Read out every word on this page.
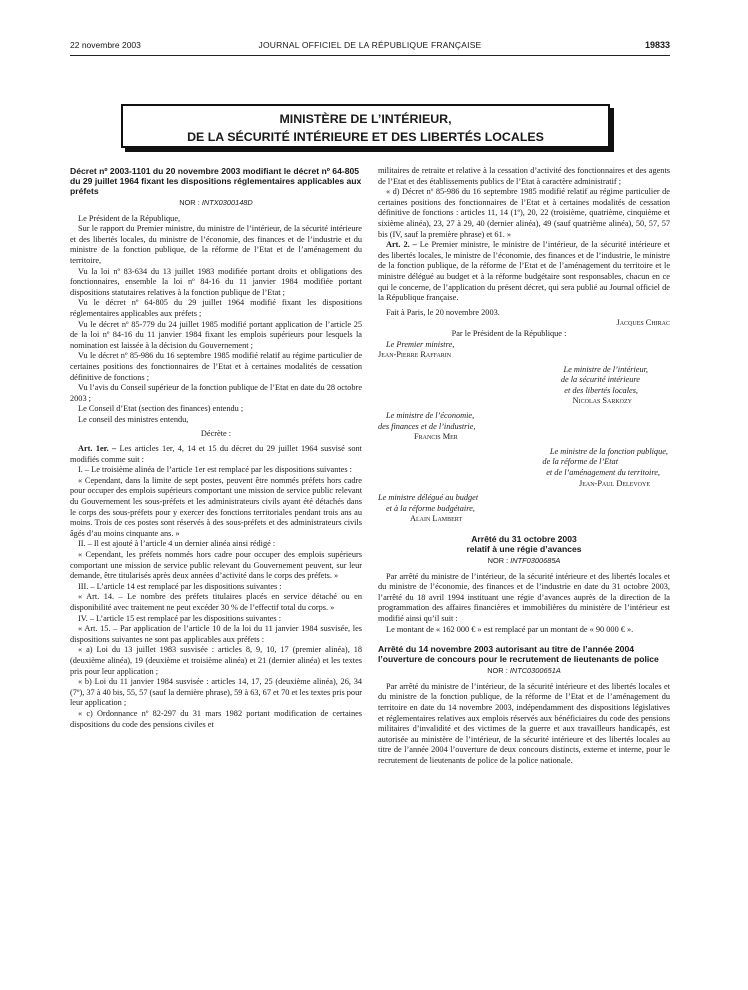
22 novembre 2003	JOURNAL OFFICIEL DE LA RÉPUBLIQUE FRANÇAISE	19833
MINISTÈRE DE L’INTÉRIEUR,
DE LA SÉCURITÉ INTÉRIEURE ET DES LIBERTÉS LOCALES
Décret nº 2003-1101 du 20 novembre 2003 modifiant le décret nº 64-805 du 29 juillet 1964 fixant les dispositions réglementaires applicables aux préfets
NOR : INTX0300148D

Le Président de la République,

Sur le rapport du Premier ministre, du ministre de l’intérieur, de la sécurité intérieure et des libertés locales, du ministre de l’économie, des finances et de l’industrie et du ministre de la fonction publique, de la réforme de l’Etat et de l’aménagement du territoire,

Vu la loi nº 83-634 du 13 juillet 1983 modifiée portant droits et obligations des fonctionnaires, ensemble la loi nº 84-16 du 11 janvier 1984 modifiée portant dispositions statutaires relatives à la fonction publique de l’Etat ;

Vu le décret nº 64-805 du 29 juillet 1964 modifié fixant les dispositions réglementaires applicables aux préfets ;

Vu le décret nº 85-779 du 24 juillet 1985 modifié portant application de l’article 25 de la loi nº 84-16 du 11 janvier 1984 fixant les emplois supérieurs pour lesquels la nomination est laissée à la décision du Gouvernement ;

Vu le décret nº 85-986 du 16 septembre 1985 modifié relatif au régime particulier de certaines positions des fonctionnaires de l’Etat et à certaines modalités de cessation définitive de fonctions ;

Vu l’avis du Conseil supérieur de la fonction publique de l’Etat en date du 28 octobre 2003 ;

Le Conseil d’Etat (section des finances) entendu ;

Le conseil des ministres entendu,

Décrète :

Art. 1er. – Les articles 1er, 4, 14 et 15 du décret du 29 juillet 1964 susvisé sont modifiés comme suit :

I. – Le troisième alinéa de l’article 1er est remplacé par les dispositions suivantes :

« Cependant, dans la limite de sept postes, peuvent être nommés préfets hors cadre pour occuper des emplois supérieurs comportant une mission de service public relevant du Gouvernement les sous-préfets et les administrateurs civils ayant été détachés dans le corps des sous-préfets pour y exercer des fonctions territoriales pendant trois ans au moins. Trois de ces postes sont réservés à des sous-préfets et des administrateurs civils âgés d’au moins cinquante ans. »

II. – Il est ajouté à l’article 4 un dernier alinéa ainsi rédigé :

« Cependant, les préfets nommés hors cadre pour occuper des emplois supérieurs comportant une mission de service public relevant du Gouvernement peuvent, sur leur demande, être titularisés après deux années d’activité dans le corps des préfets. »

III. – L’article 14 est remplacé par les dispositions suivantes :

« Art. 14. – Le nombre des préfets titulaires placés en service détaché ou en disponibilité avec traitement ne peut excéder 30 % de l’effectif total du corps. »

IV. – L’article 15 est remplacé par les dispositions suivantes :

« Art. 15. – Par application de l’article 10 de la loi du 11 janvier 1984 susvisée, les dispositions suivantes ne sont pas applicables aux préfets :

« a) Loi du 13 juillet 1983 susvisée : articles 8, 9, 10, 17 (premier alinéa), 18 (deuxième alinéa), 19 (deuxième et troisième alinéa) et 21 (dernier alinéa) et les textes pris pour leur application ;

« b) Loi du 11 janvier 1984 susvisée : articles 14, 17, 25 (deuxième alinéa), 26, 34 (7º), 37 à 40 bis, 55, 57 (sauf la dernière phrase), 59 à 63, 67 et 70 et les textes pris pour leur application ;

« c) Ordonnance nº 82-297 du 31 mars 1982 portant modification de certaines dispositions du code des pensions civiles et

militaires de retraite et relative à la cessation d’activité des fonctionnaires et des agents de l’Etat et des établissements publics de l’Etat à caractère administratif ;

« d) Décret nº 85-986 du 16 septembre 1985 modifié relatif au régime particulier de certaines positions des fonctionnaires de l’Etat et à certaines modalités de cessation définitive de fonctions : articles 11, 14 (1º), 20, 22 (troisième, quatrième, cinquième et sixième alinéa), 23, 27 à 29, 40 (dernier alinéa), 49 (sauf quatrième alinéa), 50, 57, 57 bis (IV, sauf la première phrase) et 61. »

Art. 2. – Le Premier ministre, le ministre de l’intérieur, de la sécurité intérieure et des libertés locales, le ministre de l’économie, des finances et de l’industrie, le ministre de la fonction publique, de la réforme de l’Etat et de l’aménagement du territoire et le ministre délégué au budget et à la réforme budgétaire sont responsables, chacun en ce qui le concerne, de l’application du présent décret, qui sera publié au Journal officiel de la République française.

Fait à Paris, le 20 novembre 2003.

Jacques Chirac

Par le Président de la République :

Le Premier ministre,

Jean-Pierre Raffarin

Le ministre de l’intérieur,

de la sécurité intérieure

et des libertés locales,

Nicolas Sarkozy

Le ministre de l’économie,

des finances et de l’industrie,

Francis Mer

Le ministre de la fonction publique,

de la réforme de l’Etat

et de l’aménagement du territoire,

Jean-Paul Delevoye

Le ministre délégué au budget

et à la réforme budgétaire,

Alain Lambert

Arrêté du 31 octobre 2003
relatif à une régie d’avances
NOR : INTF0300685A

Par arrêté du ministre de l’intérieur, de la sécurité intérieure et des libertés locales et du ministre de l’économie, des finances et de l’industrie en date du 31 octobre 2003, l’arrêté du 18 avril 1994 instituant une régie d’avances auprès de la direction de la programmation des affaires financières et immobilières du ministère de l’intérieur est modifié ainsi qu’il suit :

Le montant de « 162 000 € » est remplacé par un montant de « 90 000 € ».

Arrêté du 14 novembre 2003 autorisant au titre de l’année 2004 l’ouverture de concours pour le recrutement de lieutenants de police
NOR : INTC0300651A

Par arrêté du ministre de l’intérieur, de la sécurité intérieure et des libertés locales et du ministre de la fonction publique, de la réforme de l’Etat et de l’aménagement du territoire en date du 14 novembre 2003, indépendamment des dispositions législatives et réglementaires relatives aux emplois réservés aux bénéficiaires du code des pensions militaires d’invalidité et des victimes de la guerre et aux travailleurs handicapés, est autorisée au ministère de l’intérieur, de la sécurité intérieure et des libertés locales au titre de l’année 2004 l’ouverture de deux concours distincts, externe et interne, pour le recrutement de lieutenants de police de la police nationale.
